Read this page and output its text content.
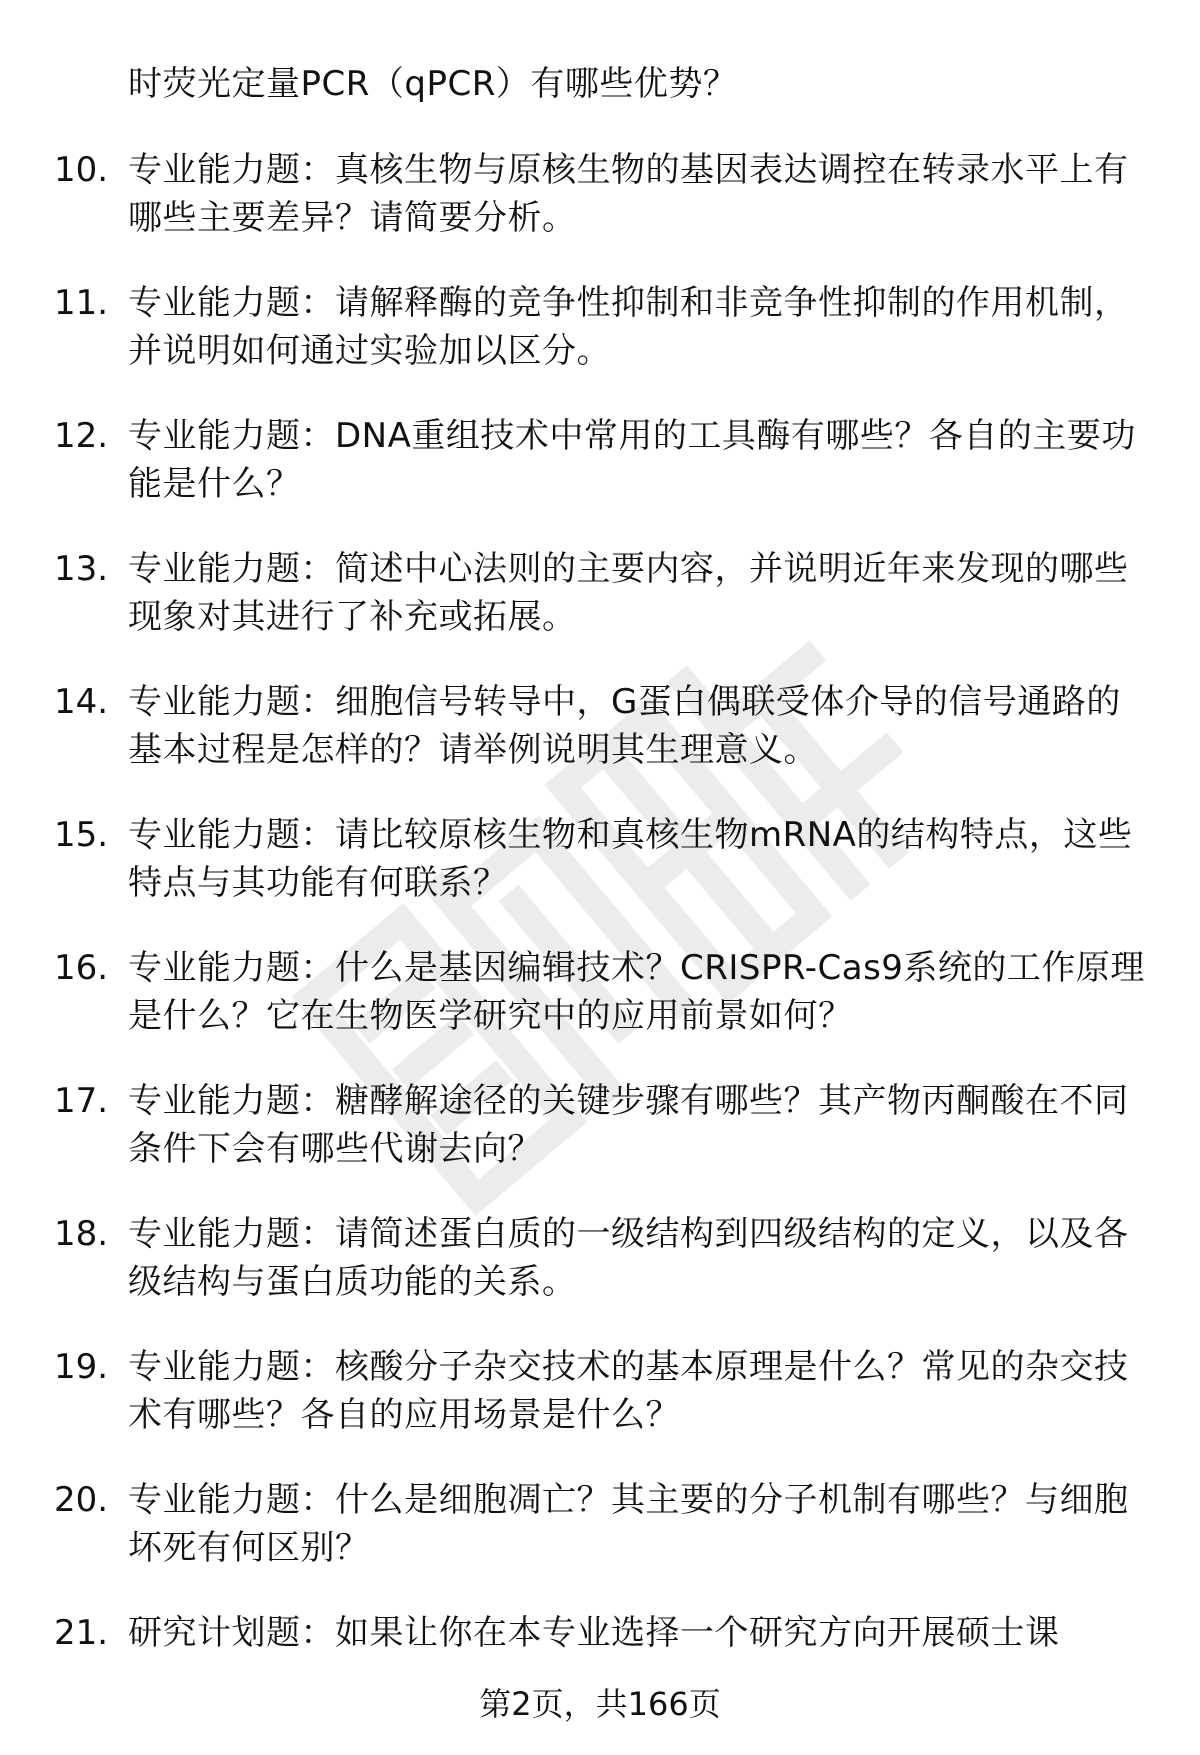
时荧光定量PCR（qPCR）有哪些优势？
10. 专业能力题：真核生物与原核生物的基因表达调控在转录水平上有哪些主要差异？请简要分析。
11. 专业能力题：请解释酶的竞争性抑制和非竞争性抑制的作用机制，并说明如何通过实验加以区分。
12. 专业能力题：DNA重组技术中常用的工具酶有哪些？各自的主要功能是什么？
13. 专业能力题：简述中心法则的主要内容，并说明近年来发现的哪些现象对其进行了补充或拓展。
14. 专业能力题：细胞信号转导中，G蛋白偶联受体介导的信号通路的基本过程是怎样的？请举例说明其生理意义。
15. 专业能力题：请比较原核生物和真核生物mRNA的结构特点，这些特点与其功能有何联系？
16. 专业能力题：什么是基因编辑技术？CRISPR-Cas9系统的工作原理是什么？它在生物医学研究中的应用前景如何？
17. 专业能力题：糖酵解途径的关键步骤有哪些？其产物丙酮酸在不同条件下会有哪些代谢去向？
18. 专业能力题：请简述蛋白质的一级结构到四级结构的定义，以及各级结构与蛋白质功能的关系。
19. 专业能力题：核酸分子杂交技术的基本原理是什么？常见的杂交技术有哪些？各自的应用场景是什么？
20. 专业能力题：什么是细胞凋亡？其主要的分子机制有哪些？与细胞坏死有何区别？
21. 研究计划题：如果让你在本专业选择一个研究方向开展硕士课
第2页，共166页
